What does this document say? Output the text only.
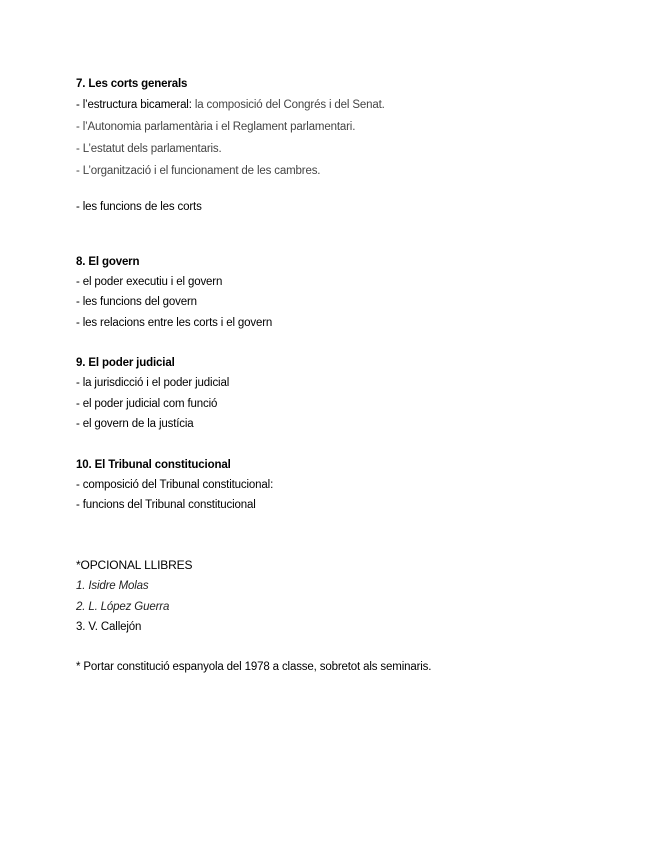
7. Les corts generals
- l’estructura bicameral: la composició del Congrés i del Senat.
- l’Autonomia parlamentària i el Reglament parlamentari.
- L’estatut dels parlamentaris.
- L’organització i el funcionament de les cambres.
- les funcions de les corts
8. El govern
- el poder executiu i el govern
- les funcions del govern
- les relacions entre les corts i el govern
9. El poder judicial
- la jurisdicció i el poder judicial
- el poder judicial com funció
- el govern de la justícia
10. El Tribunal constitucional
- composició del Tribunal constitucional:
- funcions del Tribunal constitucional
*OPCIONAL LLIBRES
1. Isidre Molas
2. L. López Guerra
3. V. Callejón
* Portar constitució espanyola del 1978 a classe, sobretot als seminaris.
